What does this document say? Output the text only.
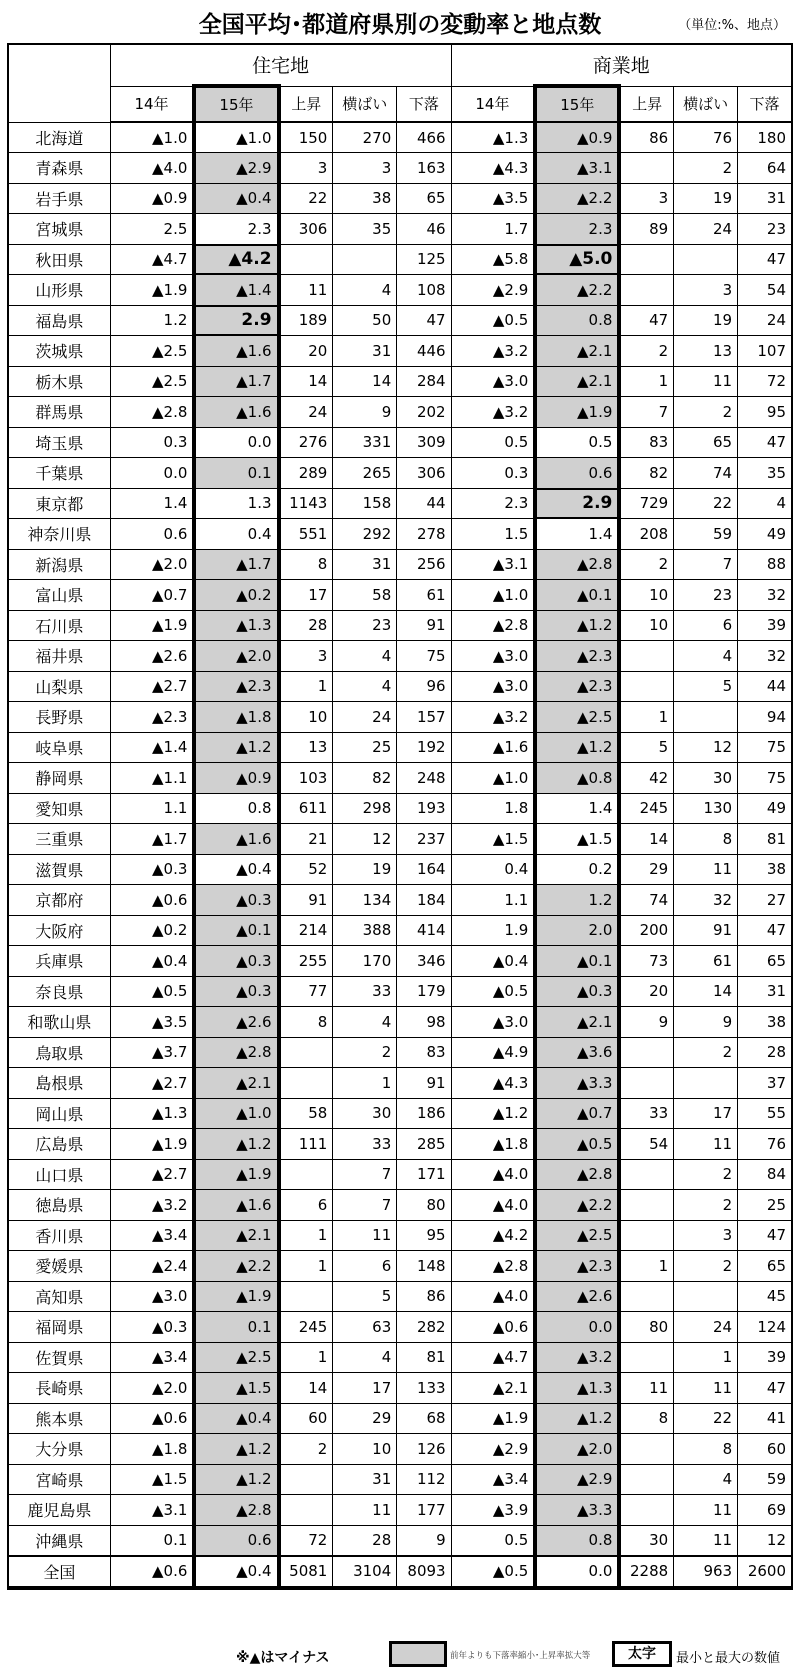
全国平均･都道府県別の変動率と地点数	（単位:%、地点）
	住宅地					商業地				
	14年	15年	上昇	横ばい	下落	14年	15年	上昇	横ばい	下落
北海道	▲1.0	▲1.0	150	270	466	▲1.3	▲0.9	86	76	180
青森県	▲4.0	▲2.9	3	3	163	▲4.3	▲3.1		2	64
岩手県	▲0.9	▲0.4	22	38	65	▲3.5	▲2.2	3	19	31
宮城県	2.5	2.3	306	35	46	1.7	2.3	89	24	23
秋田県	▲4.7	▲4.2			125	▲5.8	▲5.0			47
山形県	▲1.9	▲1.4	11	4	108	▲2.9	▲2.2		3	54
福島県	1.2	2.9	189	50	47	▲0.5	0.8	47	19	24
茨城県	▲2.5	▲1.6	20	31	446	▲3.2	▲2.1	2	13	107
栃木県	▲2.5	▲1.7	14	14	284	▲3.0	▲2.1	1	11	72
群馬県	▲2.8	▲1.6	24	9	202	▲3.2	▲1.9	7	2	95
埼玉県	0.3	0.0	276	331	309	0.5	0.5	83	65	47
千葉県	0.0	0.1	289	265	306	0.3	0.6	82	74	35
東京都	1.4	1.3	1143	158	44	2.3	2.9	729	22	4
神奈川県	0.6	0.4	551	292	278	1.5	1.4	208	59	49
新潟県	▲2.0	▲1.7	8	31	256	▲3.1	▲2.8	2	7	88
富山県	▲0.7	▲0.2	17	58	61	▲1.0	▲0.1	10	23	32
石川県	▲1.9	▲1.3	28	23	91	▲2.8	▲1.2	10	6	39
福井県	▲2.6	▲2.0	3	4	75	▲3.0	▲2.3		4	32
山梨県	▲2.7	▲2.3	1	4	96	▲3.0	▲2.3		5	44
長野県	▲2.3	▲1.8	10	24	157	▲3.2	▲2.5	1		94
岐阜県	▲1.4	▲1.2	13	25	192	▲1.6	▲1.2	5	12	75
静岡県	▲1.1	▲0.9	103	82	248	▲1.0	▲0.8	42	30	75
愛知県	1.1	0.8	611	298	193	1.8	1.4	245	130	49
三重県	▲1.7	▲1.6	21	12	237	▲1.5	▲1.5	14	8	81
滋賀県	▲0.3	▲0.4	52	19	164	0.4	0.2	29	11	38
京都府	▲0.6	▲0.3	91	134	184	1.1	1.2	74	32	27
大阪府	▲0.2	▲0.1	214	388	414	1.9	2.0	200	91	47
兵庫県	▲0.4	▲0.3	255	170	346	▲0.4	▲0.1	73	61	65
奈良県	▲0.5	▲0.3	77	33	179	▲0.5	▲0.3	20	14	31
和歌山県	▲3.5	▲2.6	8	4	98	▲3.0	▲2.1	9	9	38
鳥取県	▲3.7	▲2.8		2	83	▲4.9	▲3.6		2	28
島根県	▲2.7	▲2.1		1	91	▲4.3	▲3.3			37
岡山県	▲1.3	▲1.0	58	30	186	▲1.2	▲0.7	33	17	55
広島県	▲1.9	▲1.2	111	33	285	▲1.8	▲0.5	54	11	76
山口県	▲2.7	▲1.9		7	171	▲4.0	▲2.8		2	84
徳島県	▲3.2	▲1.6	6	7	80	▲4.0	▲2.2		2	25
香川県	▲3.4	▲2.1	1	11	95	▲4.2	▲2.5		3	47
愛媛県	▲2.4	▲2.2	1	6	148	▲2.8	▲2.3	1	2	65
高知県	▲3.0	▲1.9		5	86	▲4.0	▲2.6			45
福岡県	▲0.3	0.1	245	63	282	▲0.6	0.0	80	24	124
佐賀県	▲3.4	▲2.5	1	4	81	▲4.7	▲3.2		1	39
長崎県	▲2.0	▲1.5	14	17	133	▲2.1	▲1.3	11	11	47
熊本県	▲0.6	▲0.4	60	29	68	▲1.9	▲1.2	8	22	41
大分県	▲1.8	▲1.2	2	10	126	▲2.9	▲2.0		8	60
宮崎県	▲1.5	▲1.2		31	112	▲3.4	▲2.9		4	59
鹿児島県	▲3.1	▲2.8		11	177	▲3.9	▲3.3		11	69
沖縄県	0.1	0.6	72	28	9	0.5	0.8	30	11	12
全国	▲0.6	▲0.4	5081	3104	8093	▲0.5	0.0	2288	963	2600
※▲はマイナス	前年よりも下落率縮小･上昇率拡大等	太字	最小と最大の数値
